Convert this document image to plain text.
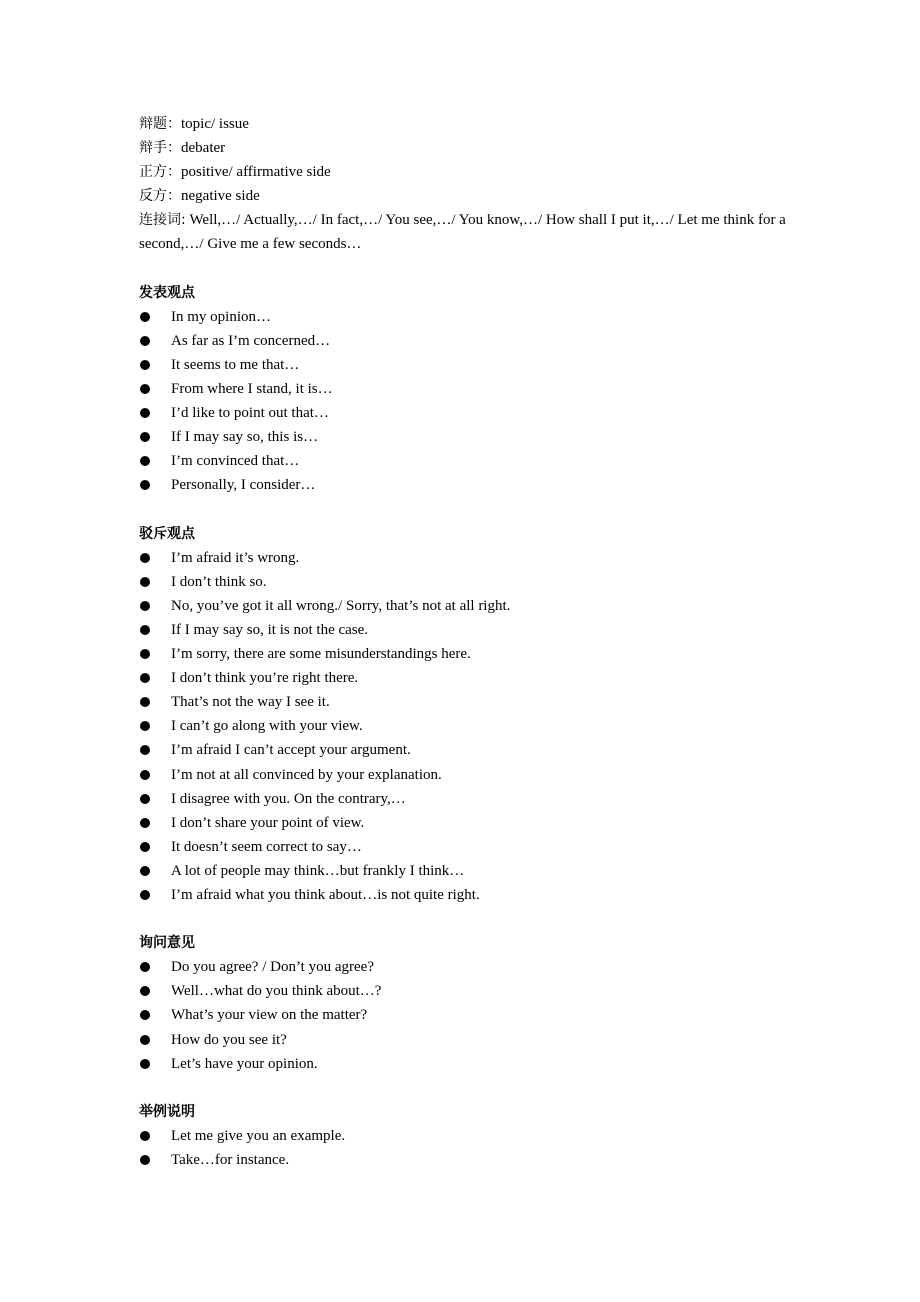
辩题：topic/ issue
辩手：debater
正方：positive/ affirmative side
反方：negative side
连接词: Well,…/ Actually,…/ In fact,…/ You see,…/ You know,…/ How shall I put it,…/ Let me think for a second,…/ Give me a few seconds…
发表观点
In my opinion…
As far as I’m concerned…
It seems to me that…
From where I stand, it is…
I’d like to point out that…
If I may say so, this is…
I’m convinced that…
Personally, I consider…
驳斥观点
I’m afraid it’s wrong.
I don’t think so.
No, you’ve got it all wrong./ Sorry, that’s not at all right.
If I may say so, it is not the case.
I’m sorry, there are some misunderstandings here.
I don’t think you’re right there.
That’s not the way I see it.
I can’t go along with your view.
I’m afraid I can’t accept your argument.
I’m not at all convinced by your explanation.
I disagree with you. On the contrary,…
I don’t share your point of view.
It doesn’t seem correct to say…
A lot of people may think…but frankly I think…
I’m afraid what you think about…is not quite right.
询问意见
Do you agree? / Don’t you agree?
Well…what do you think about…?
What’s your view on the matter?
How do you see it?
Let’s have your opinion.
举例说明
Let me give you an example.
Take…for instance.
